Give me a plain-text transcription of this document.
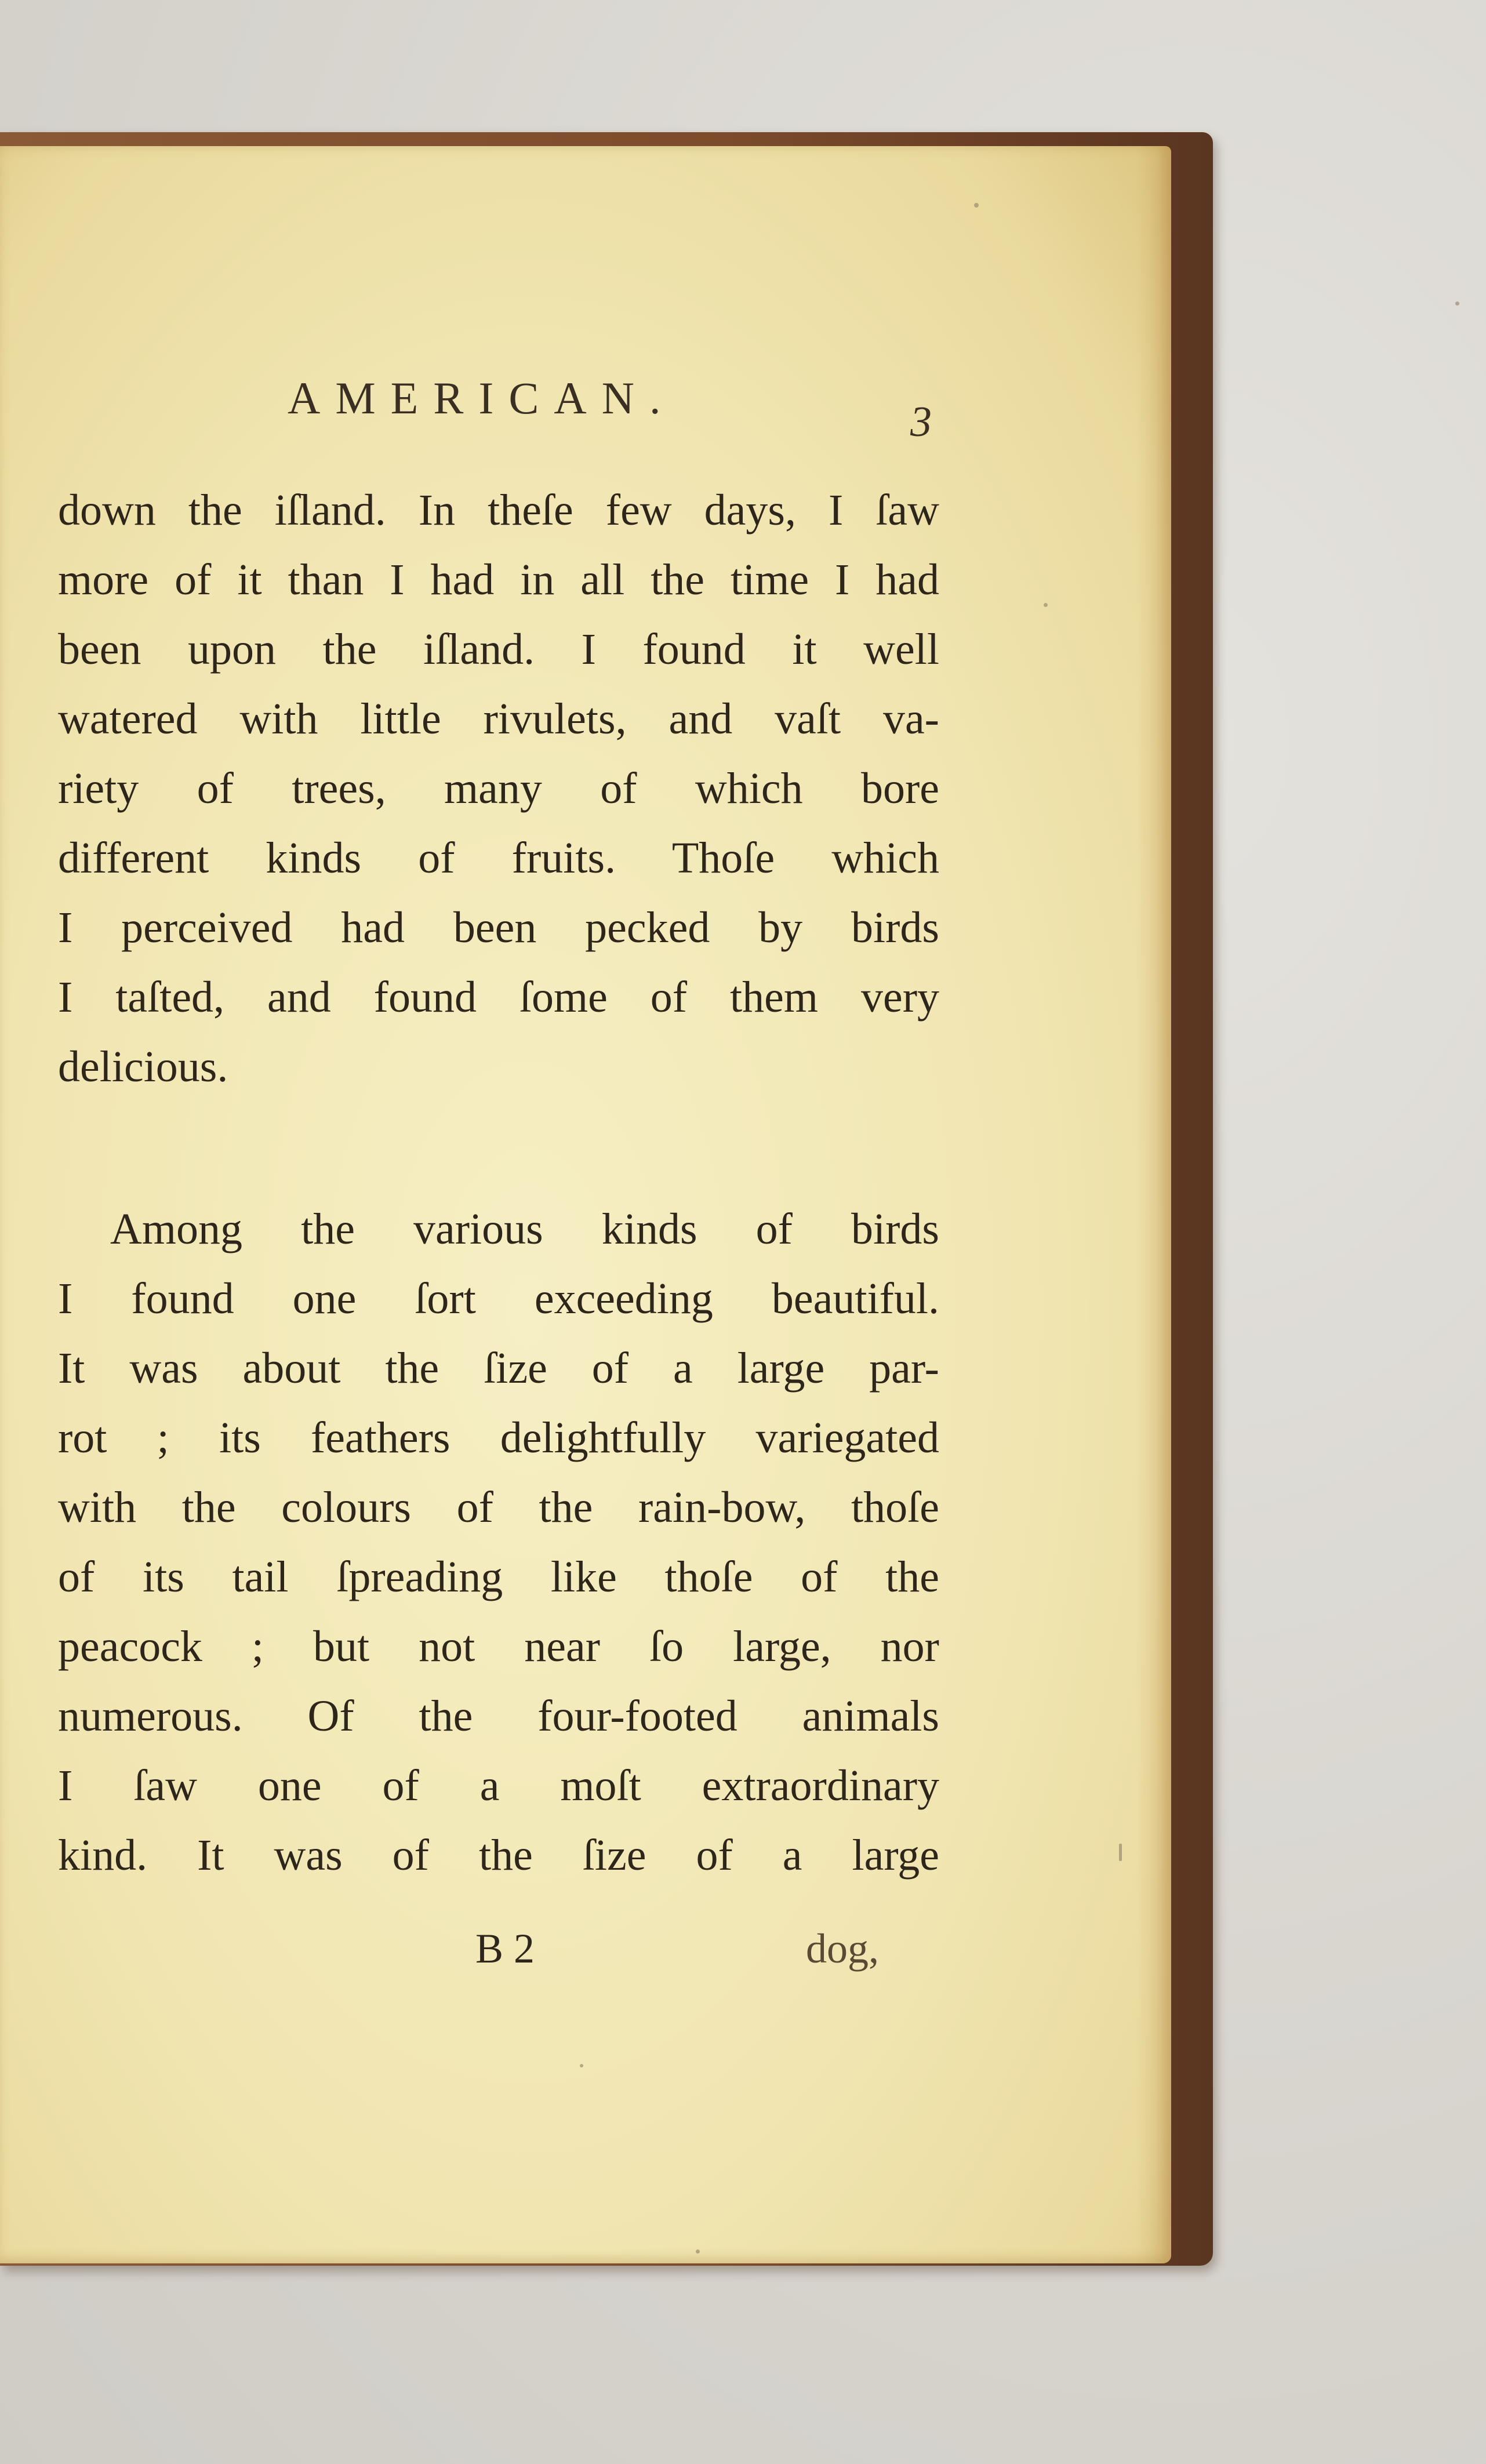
AMERICAN.	3
down the iſland. In theſe few days, I ſaw
more of it than I had in all the time I had
been upon the iſland. I found it well
watered with little rivulets, and vaſt va-
riety of trees, many of which bore
different kinds of fruits. Thoſe which
I perceived had been pecked by birds
I taſted, and found ſome of them very
delicious.
Among the various kinds of birds
I found one ſort exceeding beautiful.
It was about the ſize of a large par-
rot ; its feathers delightfully variegated
with the colours of the rain-bow, thoſe
of its tail ſpreading like thoſe of the
peacock ; but not near ſo large, nor
numerous. Of the four-footed animals
I ſaw one of a moſt extraordinary
kind. It was of the ſize of a large
B 2	dog,
